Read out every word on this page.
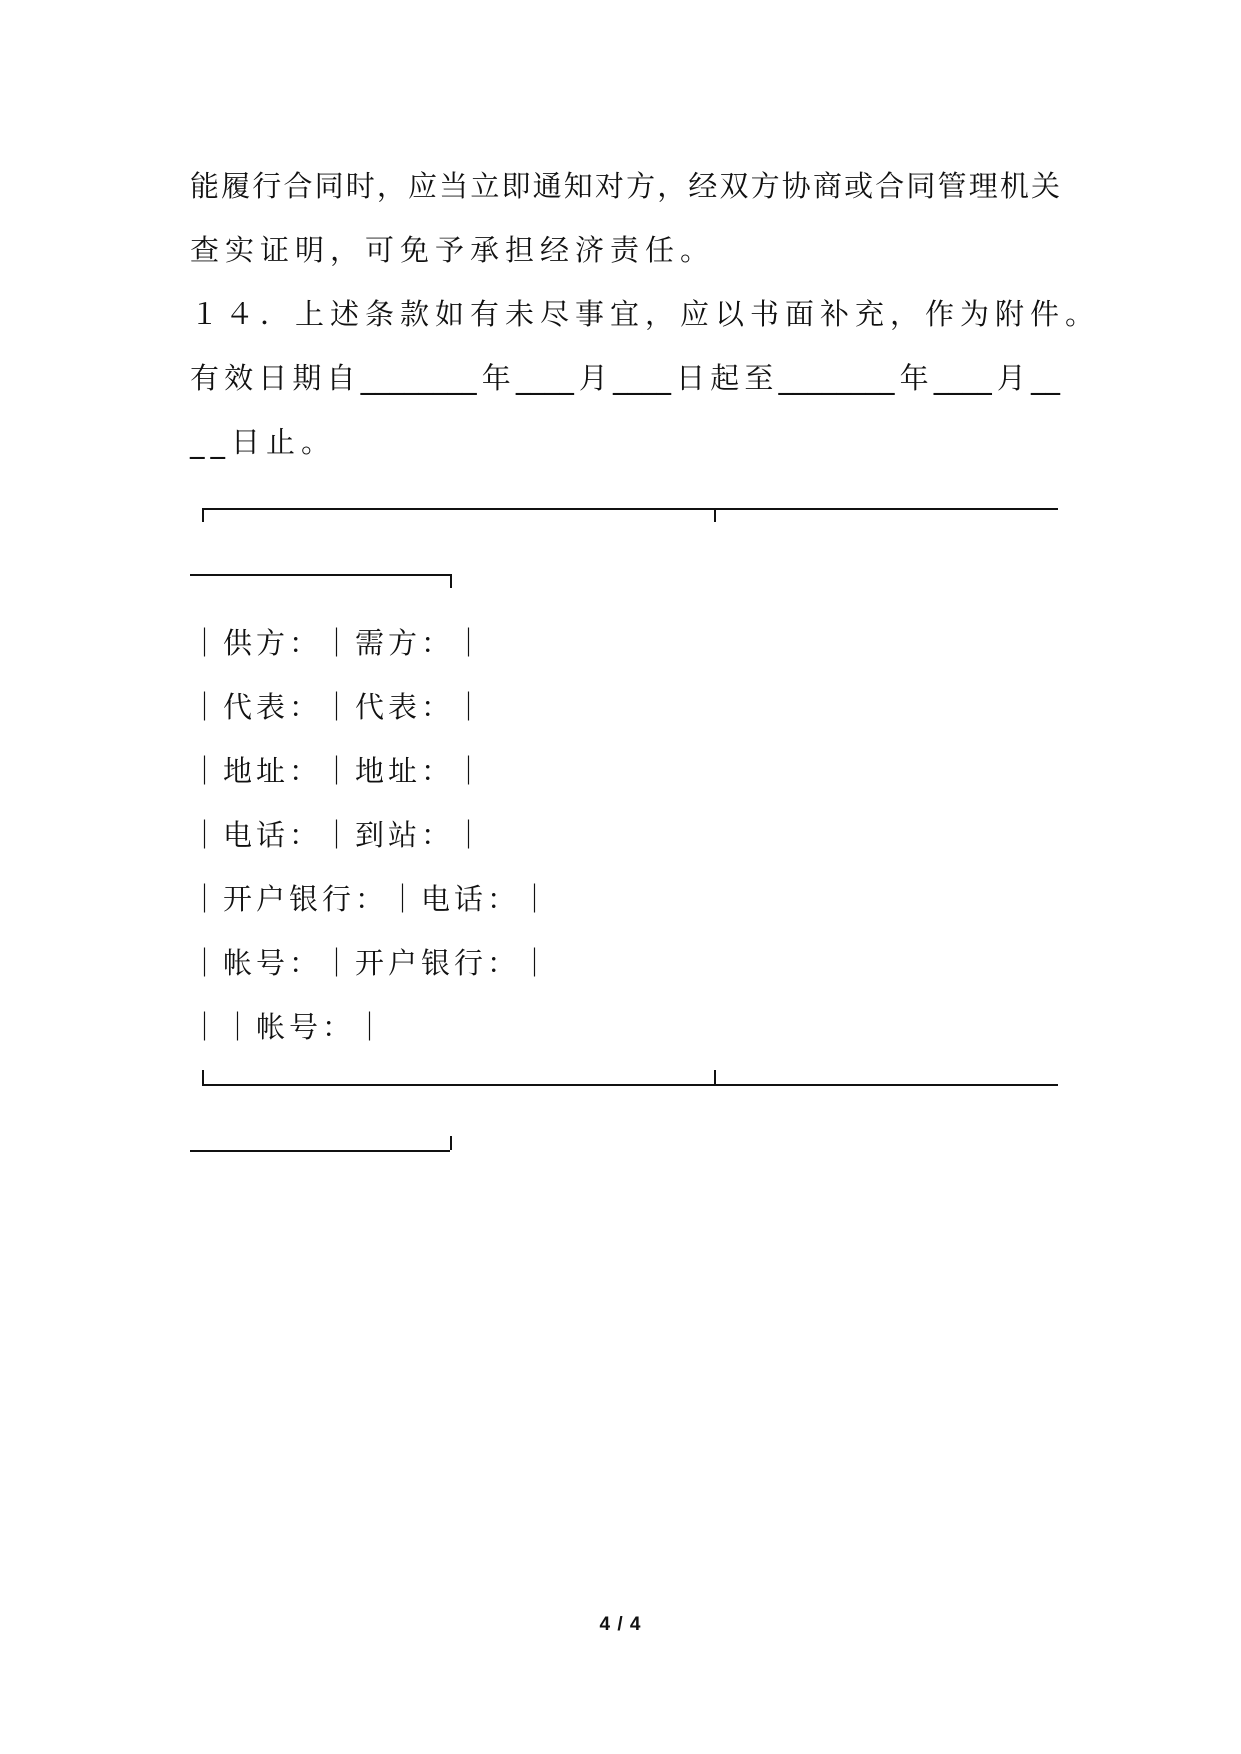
能履行合同时，应当立即通知对方，经双方协商或合同管理机关
查实证明，可免予承担经济责任。
１４．上述条款如有未尽事宜，应以书面补充，作为附件。
有效日期自________年____月____日起至________年____月__
__日止。
｜供方：｜需方：｜
｜代表：｜代表：｜
｜地址：｜地址：｜
｜电话：｜到站：｜
｜开户银行：｜电话：｜
｜帐号：｜开户银行：｜
｜｜帐号：｜
4 / 4
